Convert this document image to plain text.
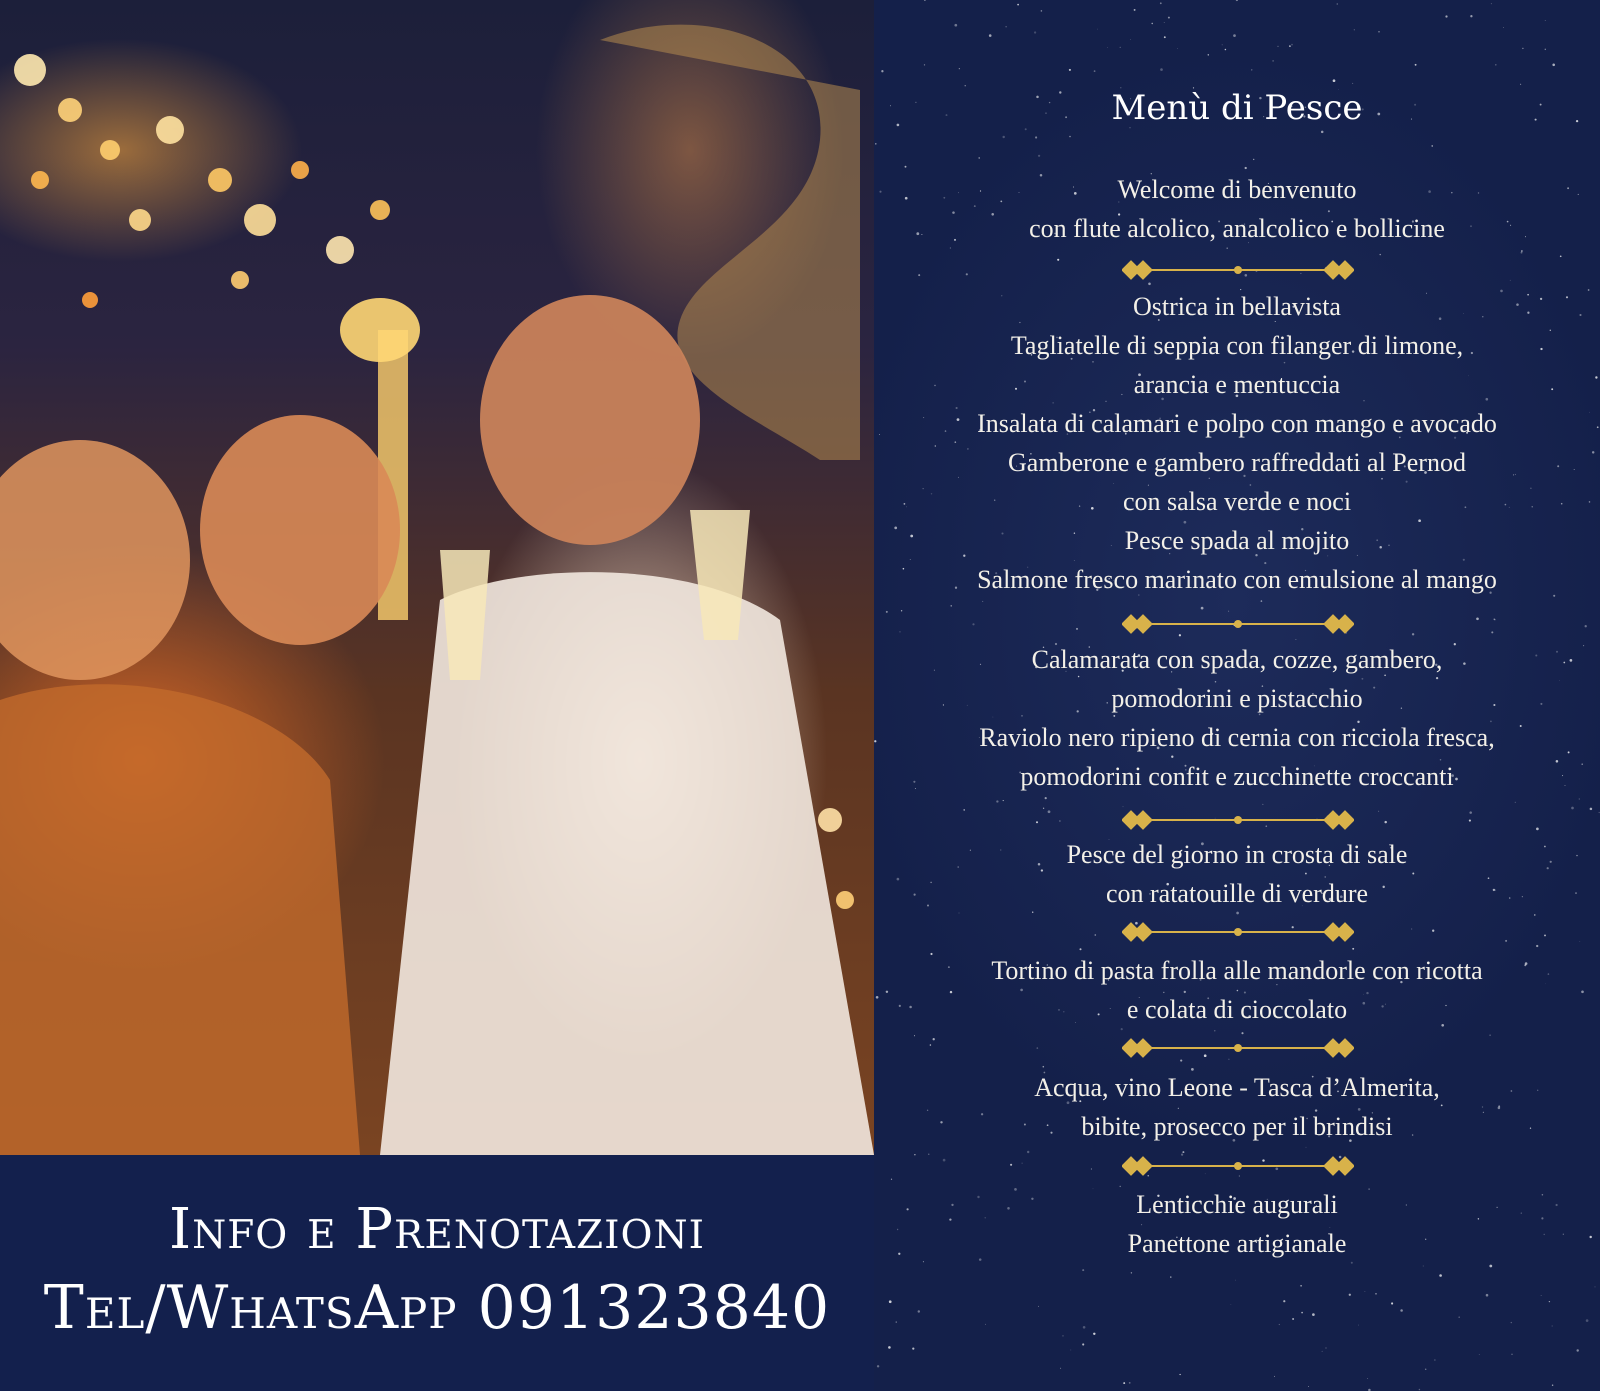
Info e Prenotazioni
Tel/WhatsApp 091323840
Menù di Pesce
Welcome di benvenuto
con flute alcolico, analcolico e bollicine
Ostrica in bellavista
Tagliatelle di seppia con filanger di limone,
arancia e mentuccia
Insalata di calamari e polpo con mango e avocado
Gamberone e gambero raffreddati al Pernod
con salsa verde e noci
Pesce spada al mojito
Salmone fresco marinato con emulsione al mango
Calamarata con spada, cozze, gambero,
pomodorini e pistacchio
Raviolo nero ripieno di cernia con ricciola fresca,
pomodorini confit e zucchinette croccanti
Pesce del giorno in crosta di sale
con ratatouille di verdure
Tortino di pasta frolla alle mandorle con ricotta
e colata di cioccolato
Acqua, vino Leone - Tasca d’Almerita,
bibite, prosecco per il brindisi
Lenticchie augurali
Panettone artigianale
